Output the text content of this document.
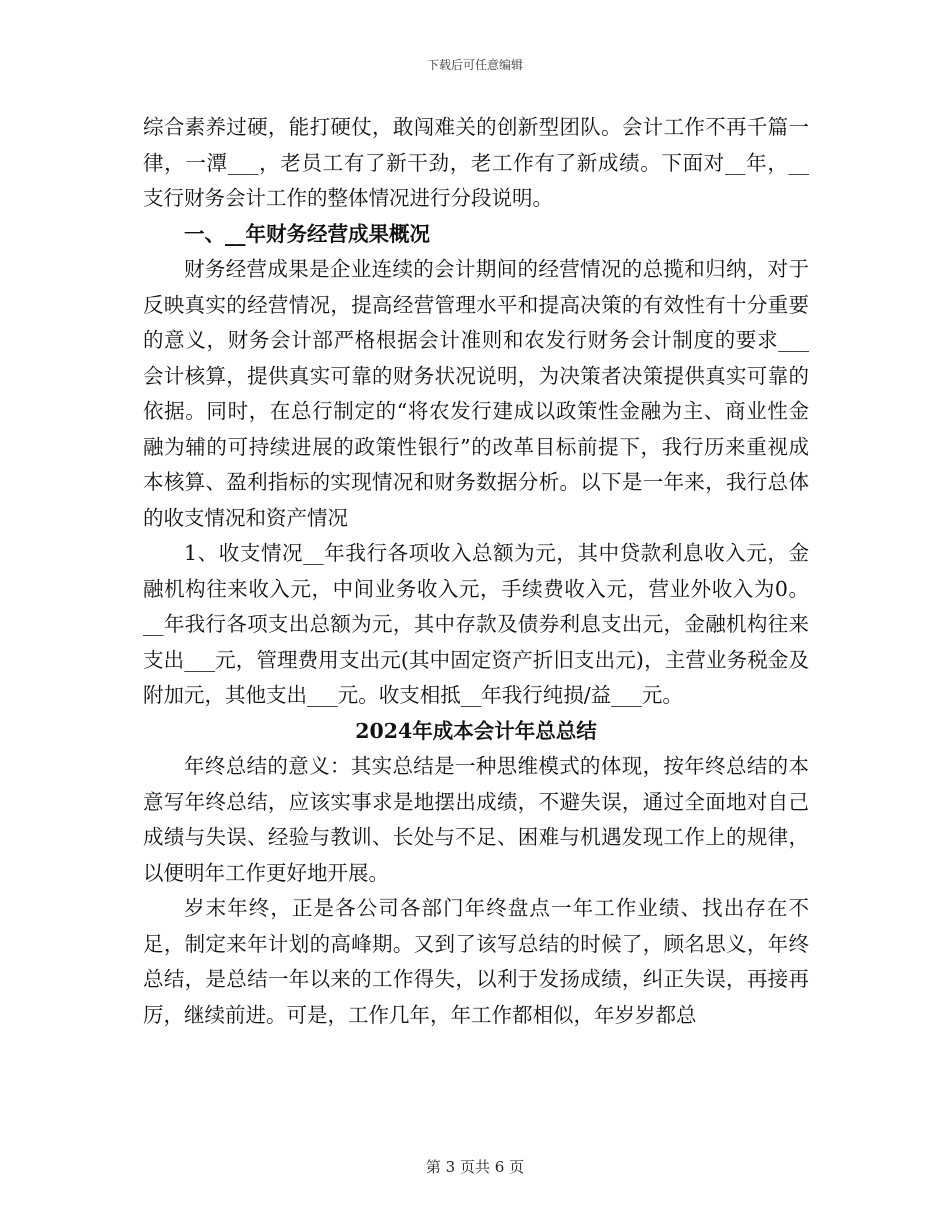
下载后可任意编辑

综合素养过硬，能打硬仗，敢闯难关的创新型团队。会计工作不再千篇一律，一潭___，老员工有了新干劲，老工作有了新成绩。下面对__年，__支行财务会计工作的整体情况进行分段说明。

一、__年财务经营成果概况

财务经营成果是企业连续的会计期间的经营情况的总揽和归纳，对于反映真实的经营情况，提高经营管理水平和提高决策的有效性有十分重要的意义，财务会计部严格根据会计准则和农发行财务会计制度的要求___会计核算，提供真实可靠的财务状况说明，为决策者决策提供真实可靠的依据。同时，在总行制定的“将农发行建成以政策性金融为主、商业性金融为辅的可持续进展的政策性银行”的改革目标前提下，我行历来重视成本核算、盈利指标的实现情况和财务数据分析。以下是一年来，我行总体的收支情况和资产情况

1、收支情况__年我行各项收入总额为元，其中贷款利息收入元，金融机构往来收入元，中间业务收入元，手续费收入元，营业外收入为0。__年我行各项支出总额为元，其中存款及债券利息支出元，金融机构往来支出___元，管理费用支出元(其中固定资产折旧支出元)，主营业务税金及附加元，其他支出___元。收支相抵__年我行纯损/益___元。

2024年成本会计年总总结

年终总结的意义：其实总结是一种思维模式的体现，按年终总结的本意写年终总结，应该实事求是地摆出成绩，不避失误，通过全面地对自己成绩与失误、经验与教训、长处与不足、困难与机遇发现工作上的规律，以便明年工作更好地开展。

岁末年终，正是各公司各部门年终盘点一年工作业绩、找出存在不足，制定来年计划的高峰期。又到了该写总结的时候了，顾名思义，年终总结，是总结一年以来的工作得失，以利于发扬成绩，纠正失误，再接再厉，继续前进。可是，工作几年，年工作都相似，年岁岁都总

第 3 页共 6 页
